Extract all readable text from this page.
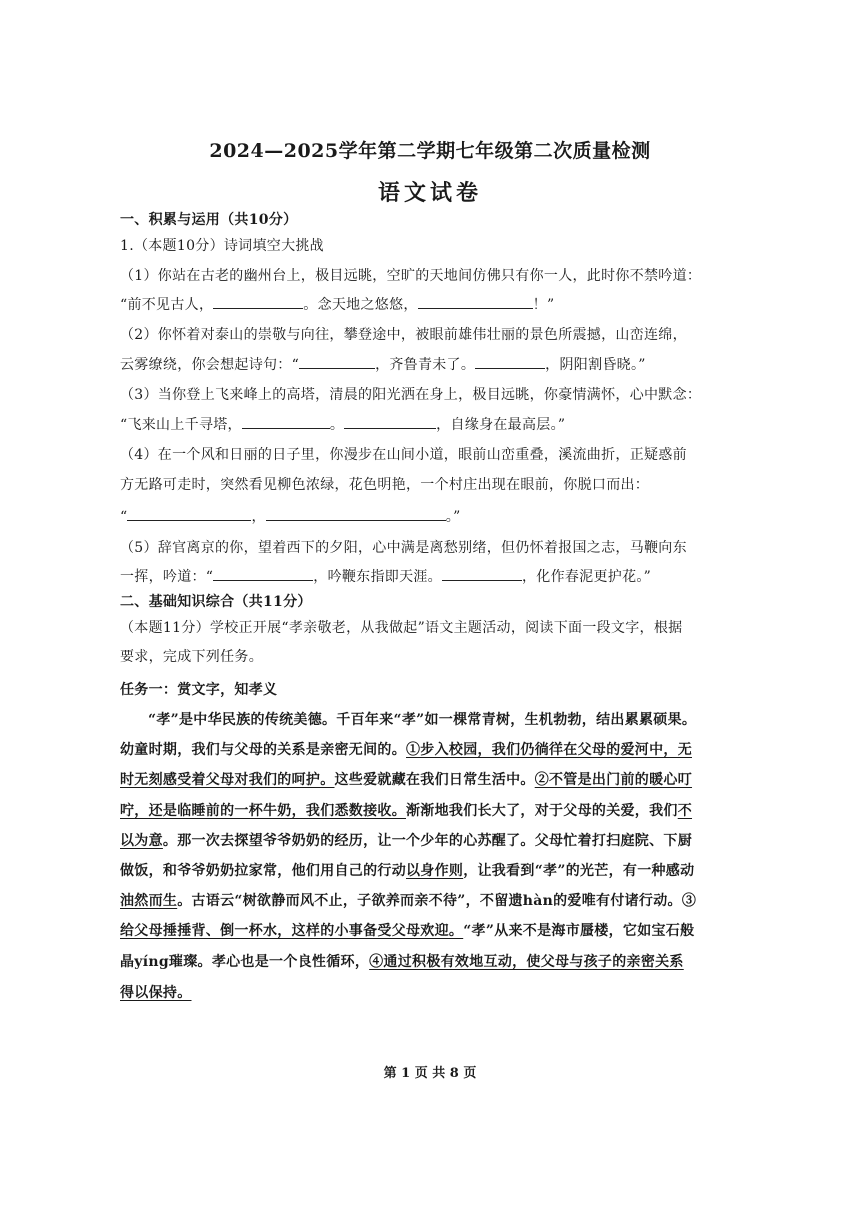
2024—2025学年第二学期七年级第二次质量检测
语文试卷
一、积累与运用（共10分）
1.（本题10分）诗词填空大挑战
（1）你站在古老的幽州台上，极目远眺，空旷的天地间仿佛只有你一人，此时你不禁吟道：
“前不见古人，	。念天地之悠悠，	！”
（2）你怀着对泰山的崇敬与向往，攀登途中，被眼前雄伟壮丽的景色所震撼，山峦连绵，
云雾缭绕，你会想起诗句：“	，齐鲁青未了。	，阴阳割昏晓。”
（3）当你登上飞来峰上的高塔，清晨的阳光洒在身上，极目远眺，你豪情满怀，心中默念：
“飞来山上千寻塔，	。	，自缘身在最高层。”
（4）在一个风和日丽的日子里，你漫步在山间小道，眼前山峦重叠，溪流曲折，正疑惑前
方无路可走时，突然看见柳色浓绿，花色明艳，一个村庄出现在眼前，你脱口而出：
“	，	。”
（5）辞官离京的你，望着西下的夕阳，心中满是离愁别绪，但仍怀着报国之志，马鞭向东
一挥，吟道：“	，吟鞭东指即天涯。	，化作春泥更护花。”
二、基础知识综合（共11分）
（本题11分）学校正开展“孝亲敬老，从我做起”语文主题活动，阅读下面一段文字，根据
要求，完成下列任务。
任务一：赏文字，知孝义
“孝”是中华民族的传统美德。千百年来“孝”如一棵常青树，生机勃勃，结出累累硕果。
幼童时期，我们与父母的关系是亲密无间的。①步入校园，我们仍徜徉在父母的爱河中，无
时无刻感受着父母对我们的呵护。这些爱就藏在我们日常生活中。②不管是出门前的暖心叮
咛，还是临睡前的一杯牛奶，我们悉数接收。渐渐地我们长大了，对于父母的关爱，我们不
以为意。那一次去探望爷爷奶奶的经历，让一个少年的心苏醒了。父母忙着打扫庭院、下厨
做饭，和爷爷奶奶拉家常，他们用自己的行动以身作则，让我看到“孝”的光芒，有一种感动
油然而生。古语云“树欲静而风不止，子欲养而亲不待”，不留遗hàn的爱唯有付诸行动。③
给父母捶捶背、倒一杯水，这样的小事备受父母欢迎。“孝”从来不是海市蜃楼，它如宝石般
晶yíng璀璨。孝心也是一个良性循环，④通过积极有效地互动，使父母与孩子的亲密关系
得以保持。
第 1 页 共 8 页
